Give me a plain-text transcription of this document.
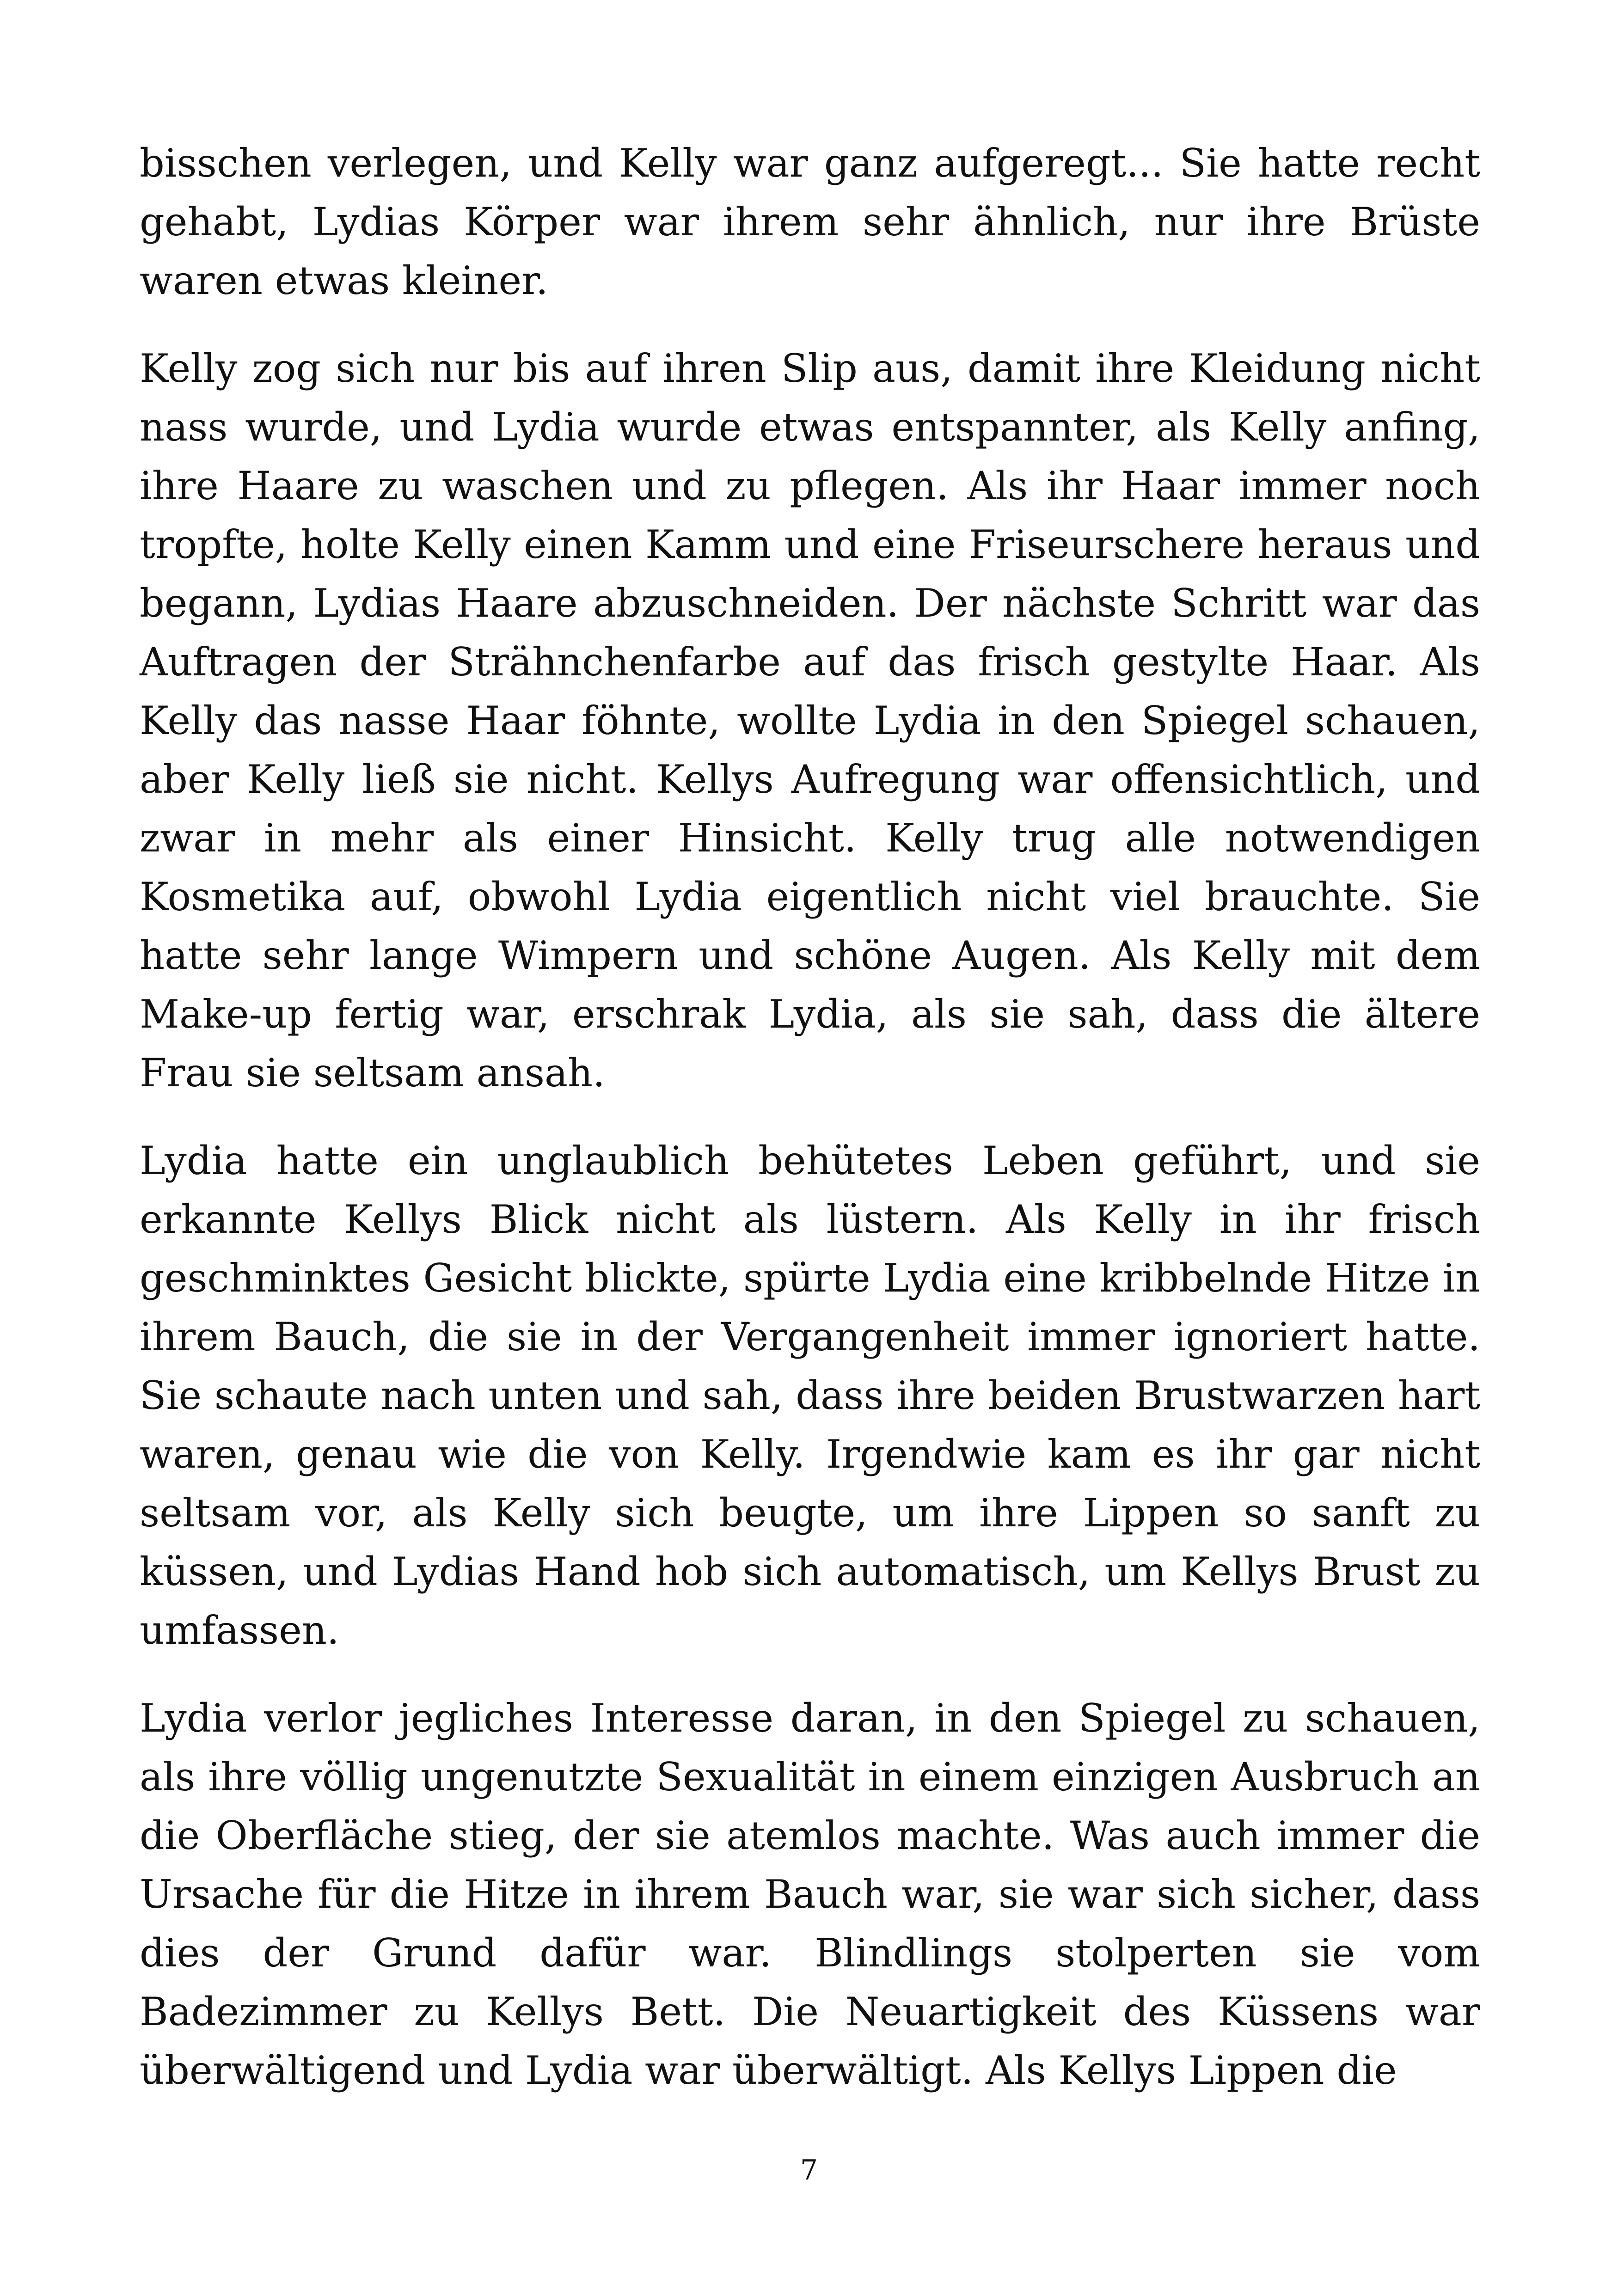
bisschen verlegen, und Kelly war ganz aufgeregt... Sie hatte recht gehabt, Lydias Körper war ihrem sehr ähnlich, nur ihre Brüste waren etwas kleiner.

Kelly zog sich nur bis auf ihren Slip aus, damit ihre Kleidung nicht nass wurde, und Lydia wurde etwas entspannter, als Kelly anfing, ihre Haare zu waschen und zu pflegen. Als ihr Haar immer noch tropfte, holte Kelly einen Kamm und eine Friseurschere heraus und begann, Lydias Haare abzuschneiden. Der nächste Schritt war das Auftragen der Strähnchenfarbe auf das frisch gestylte Haar. Als Kelly das nasse Haar föhnte, wollte Lydia in den Spiegel schauen, aber Kelly ließ sie nicht. Kellys Aufregung war offensichtlich, und zwar in mehr als einer Hinsicht. Kelly trug alle notwendigen Kosmetika auf, obwohl Lydia eigentlich nicht viel brauchte. Sie hatte sehr lange Wimpern und schöne Augen. Als Kelly mit dem Make-up fertig war, erschrak Lydia, als sie sah, dass die ältere Frau sie seltsam ansah.

Lydia hatte ein unglaublich behütetes Leben geführt, und sie erkannte Kellys Blick nicht als lüstern. Als Kelly in ihr frisch geschminktes Gesicht blickte, spürte Lydia eine kribbelnde Hitze in ihrem Bauch, die sie in der Vergangenheit immer ignoriert hatte. Sie schaute nach unten und sah, dass ihre beiden Brustwarzen hart waren, genau wie die von Kelly. Irgendwie kam es ihr gar nicht seltsam vor, als Kelly sich beugte, um ihre Lippen so sanft zu küssen, und Lydias Hand hob sich automatisch, um Kellys Brust zu umfassen.

Lydia verlor jegliches Interesse daran, in den Spiegel zu schauen, als ihre völlig ungenutzte Sexualität in einem einzigen Ausbruch an die Oberfläche stieg, der sie atemlos machte. Was auch immer die Ursache für die Hitze in ihrem Bauch war, sie war sich sicher, dass dies der Grund dafür war. Blindlings stolperten sie vom Badezimmer zu Kellys Bett. Die Neuartigkeit des Küssens war überwältigend und Lydia war überwältigt. Als Kellys Lippen die

7
